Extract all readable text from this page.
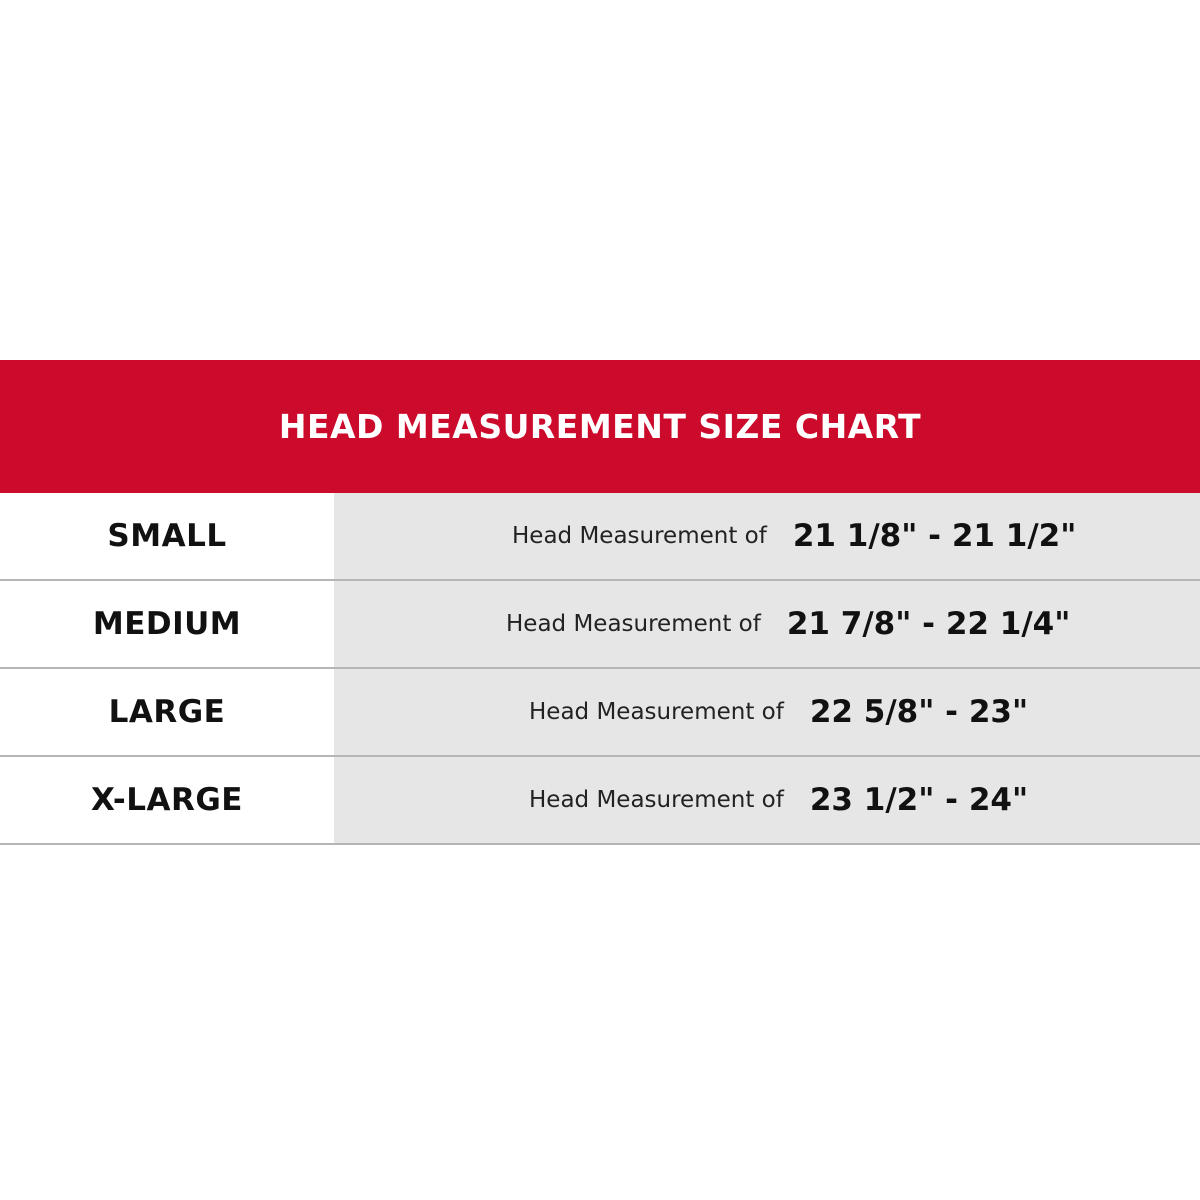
HEAD MEASUREMENT SIZE CHART
SMALL	Head Measurement of 21 1/8" - 21 1/2"
MEDIUM	Head Measurement of 21 7/8" - 22 1/4"
LARGE	Head Measurement of 22 5/8" - 23"
X-LARGE	Head Measurement of 23 1/2" - 24"
